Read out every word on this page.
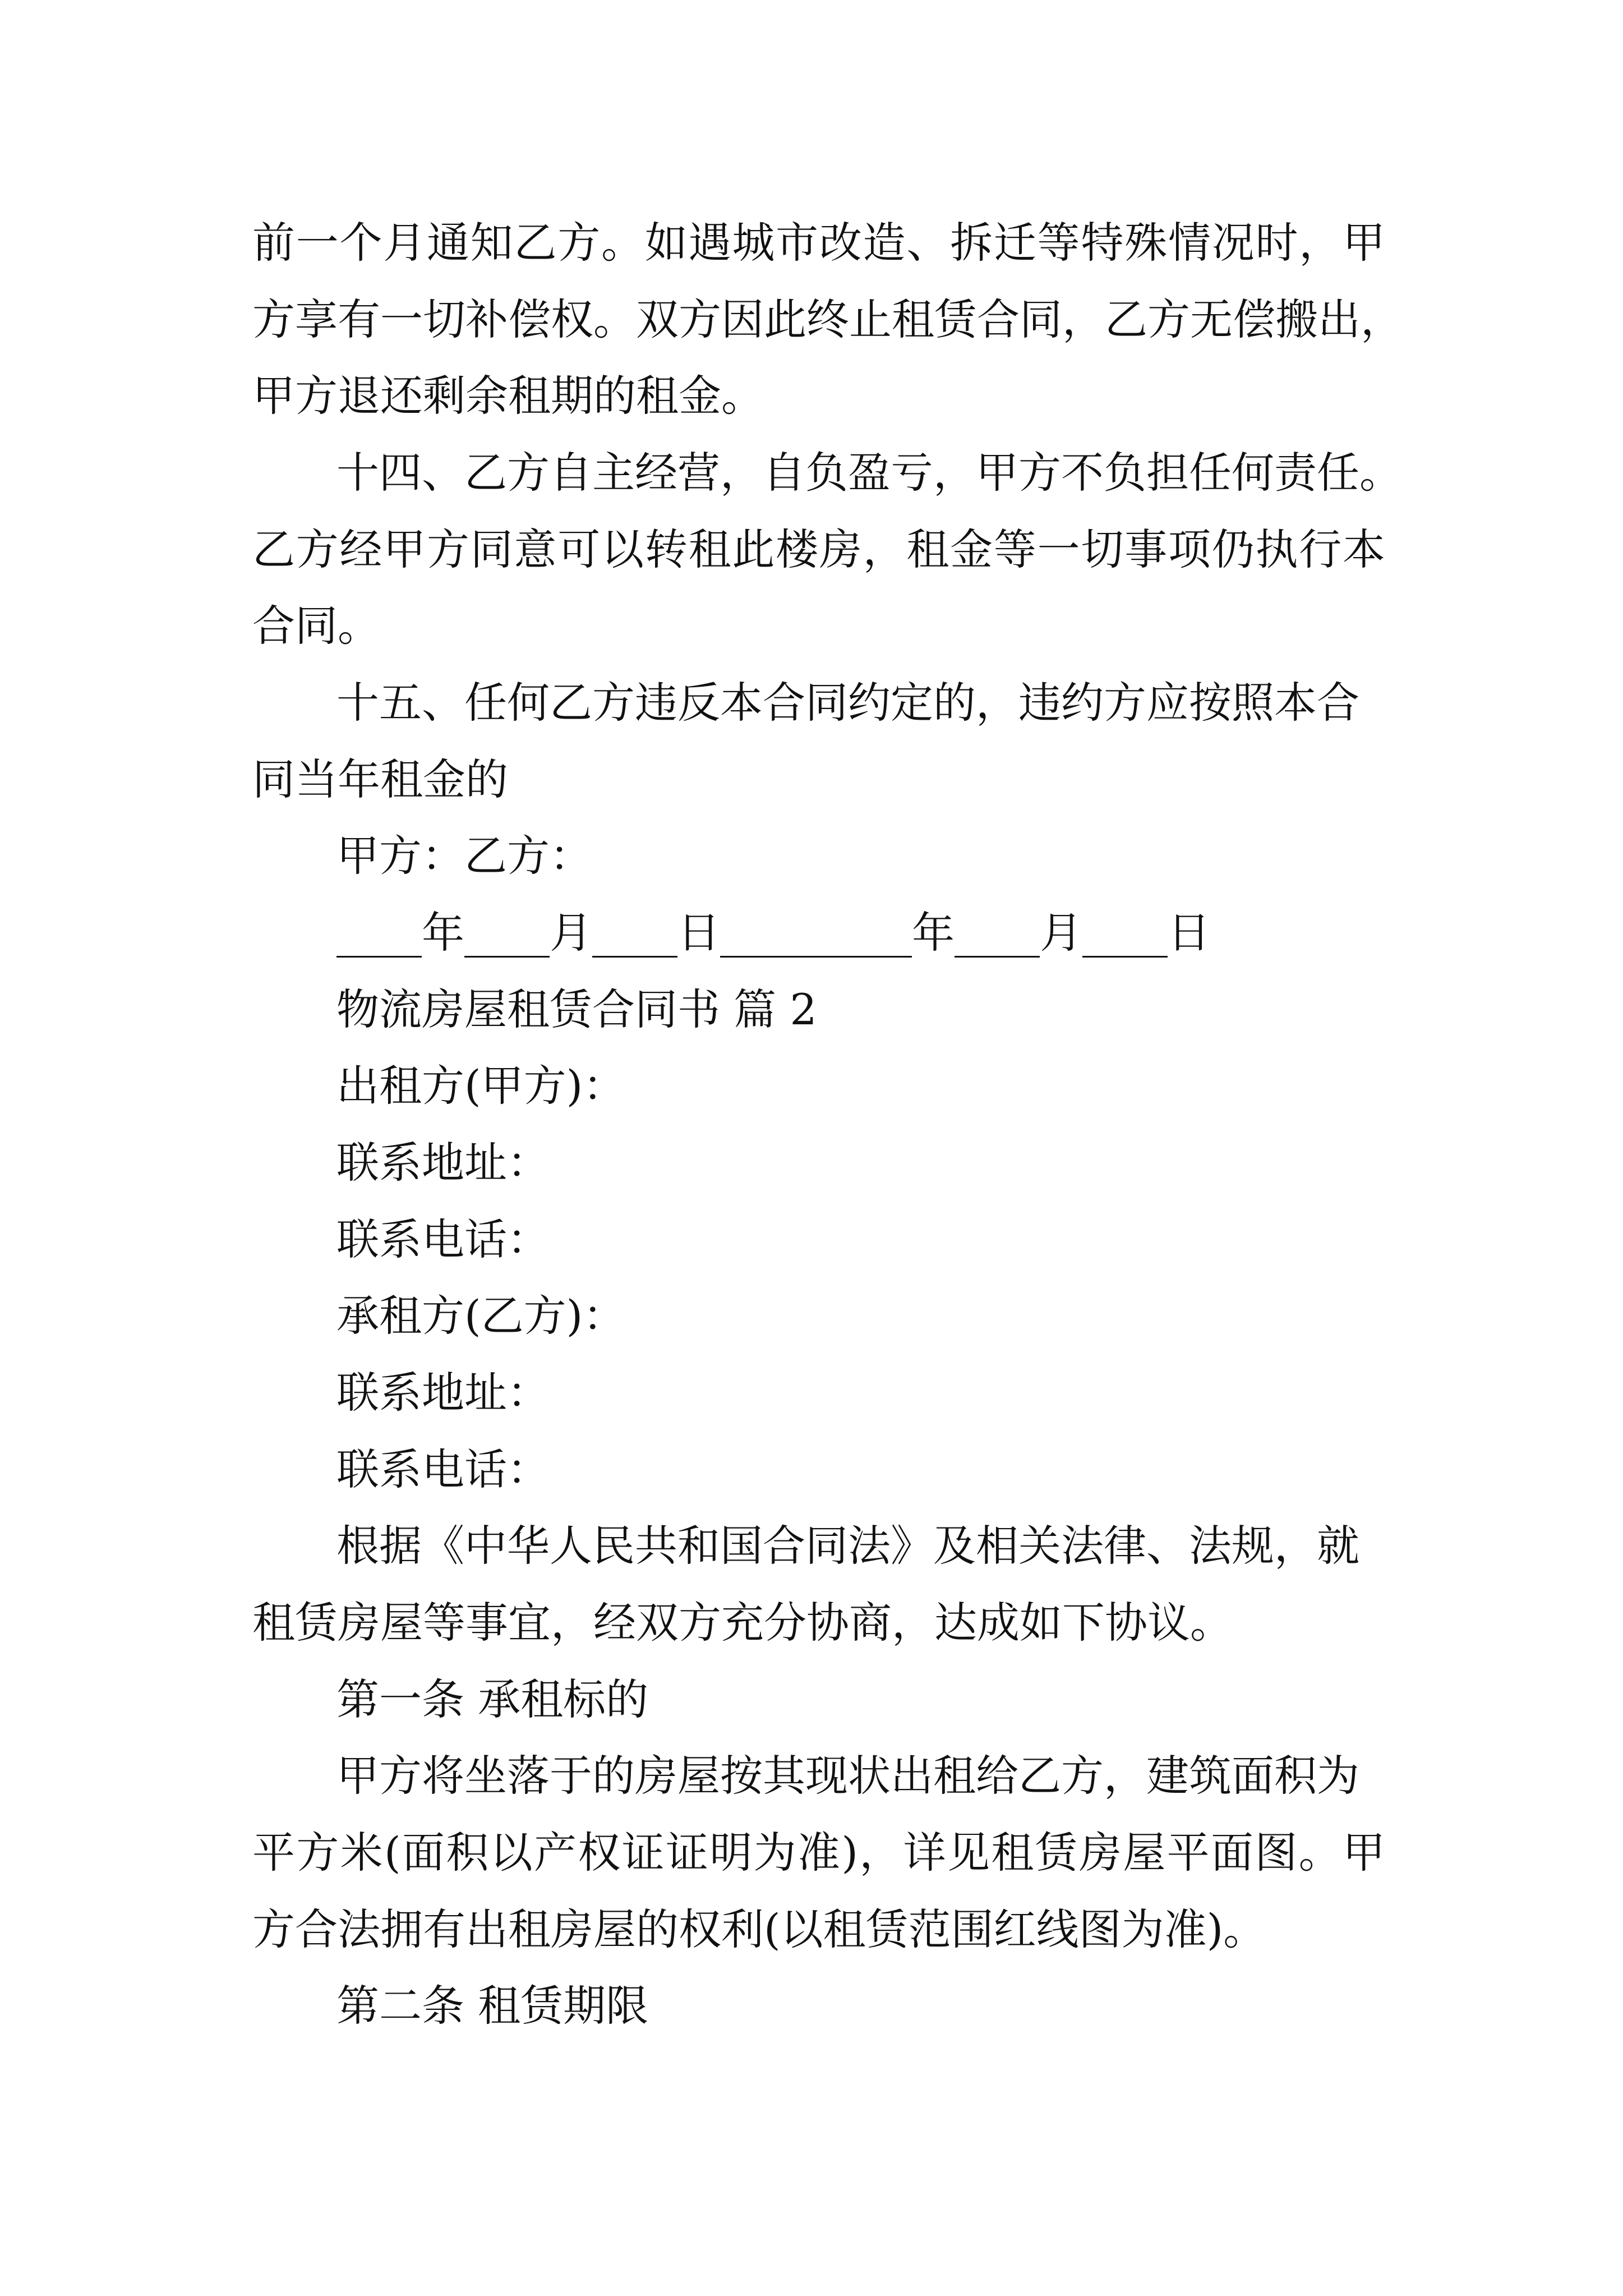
前一个月通知乙方。如遇城市改造、拆迁等特殊情况时，甲
方享有一切补偿权。双方因此终止租赁合同，乙方无偿搬出，
甲方退还剩余租期的租金。
十四、乙方自主经营，自负盈亏，甲方不负担任何责任。
乙方经甲方同意可以转租此楼房，租金等一切事项仍执行本
合同。
十五、任何乙方违反本合同约定的，违约方应按照本合
同当年租金的
甲方：乙方：
____年____月____日_________年____月____日
物流房屋租赁合同书 篇 2
出租方(甲方)：
联系地址：
联系电话：
承租方(乙方)：
联系地址：
联系电话：
根据《中华人民共和国合同法》及相关法律、法规，就
租赁房屋等事宜，经双方充分协商，达成如下协议。
第一条 承租标的
甲方将坐落于的房屋按其现状出租给乙方，建筑面积为
平方米(面积以产权证证明为准)，详见租赁房屋平面图。甲
方合法拥有出租房屋的权利(以租赁范围红线图为准)。
第二条 租赁期限
